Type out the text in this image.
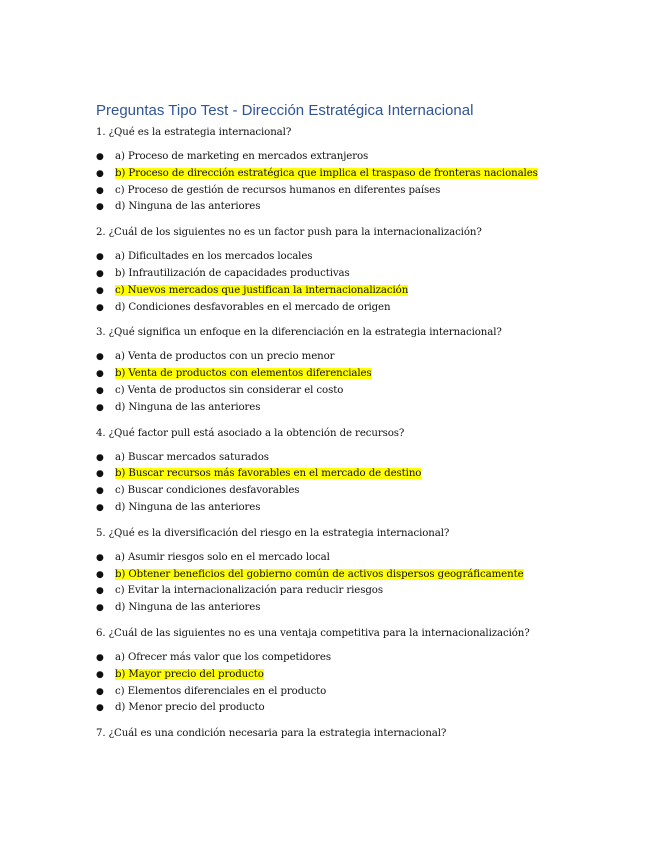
Preguntas Tipo Test - Dirección Estratégica Internacional

1. ¿Qué es la estrategia internacional?

● a) Proceso de marketing en mercados extranjeros
● b) Proceso de dirección estratégica que implica el traspaso de fronteras nacionales
● c) Proceso de gestión de recursos humanos en diferentes países
● d) Ninguna de las anteriores

2. ¿Cuál de los siguientes no es un factor push para la internacionalización?

● a) Dificultades en los mercados locales
● b) Infrautilización de capacidades productivas
● c) Nuevos mercados que justifican la internacionalización
● d) Condiciones desfavorables en el mercado de origen

3. ¿Qué significa un enfoque en la diferenciación en la estrategia internacional?

● a) Venta de productos con un precio menor
● b) Venta de productos con elementos diferenciales
● c) Venta de productos sin considerar el costo
● d) Ninguna de las anteriores

4. ¿Qué factor pull está asociado a la obtención de recursos?

● a) Buscar mercados saturados
● b) Buscar recursos más favorables en el mercado de destino
● c) Buscar condiciones desfavorables
● d) Ninguna de las anteriores

5. ¿Qué es la diversificación del riesgo en la estrategia internacional?

● a) Asumir riesgos solo en el mercado local
● b) Obtener beneficios del gobierno común de activos dispersos geográficamente
● c) Evitar la internacionalización para reducir riesgos
● d) Ninguna de las anteriores

6. ¿Cuál de las siguientes no es una ventaja competitiva para la internacionalización?

● a) Ofrecer más valor que los competidores
● b) Mayor precio del producto
● c) Elementos diferenciales en el producto
● d) Menor precio del producto

7. ¿Cuál es una condición necesaria para la estrategia internacional?
